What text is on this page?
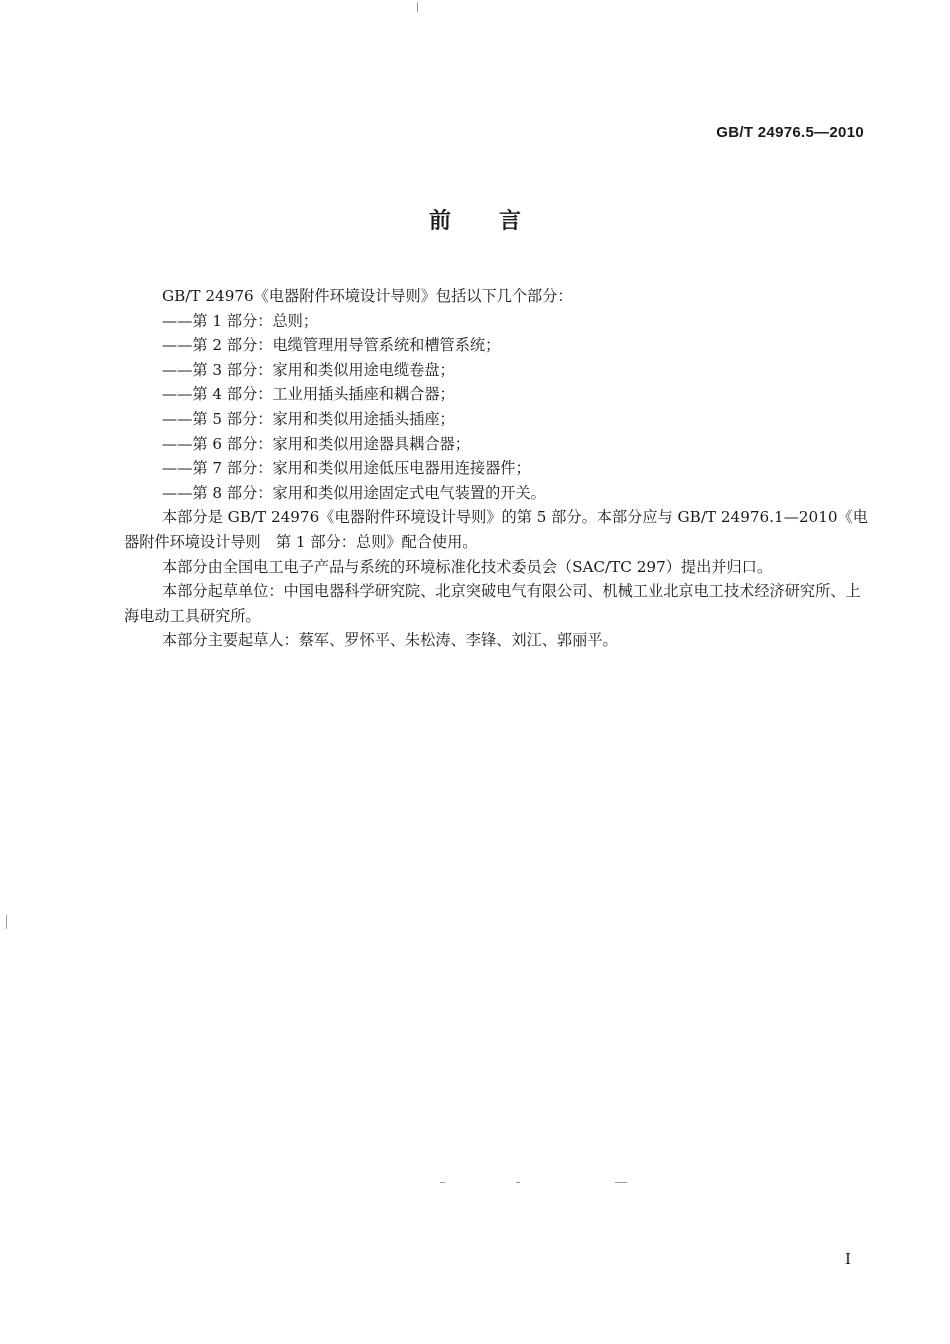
GB/T 24976.5—2010
前言

GB/T 24976《电器附件环境设计导则》包括以下几个部分：

——第 1 部分：总则；

——第 2 部分：电缆管理用导管系统和槽管系统；

——第 3 部分：家用和类似用途电缆卷盘；

——第 4 部分：工业用插头插座和耦合器；

——第 5 部分：家用和类似用途插头插座；

——第 6 部分：家用和类似用途器具耦合器；

——第 7 部分：家用和类似用途低压电器用连接器件；

——第 8 部分：家用和类似用途固定式电气装置的开关。

本部分是 GB/T 24976《电器附件环境设计导则》的第 5 部分。本部分应与 GB/T 24976.1—2010《电器附件环境设计导则　第 1 部分：总则》配合使用。

本部分由全国电工电子产品与系统的环境标准化技术委员会（SAC/TC 297）提出并归口。

本部分起草单位：中国电器科学研究院、北京突破电气有限公司、机械工业北京电工技术经济研究所、上海电动工具研究所。

本部分主要起草人：蔡军、罗怀平、朱松涛、李锋、刘江、郭丽平。

I
